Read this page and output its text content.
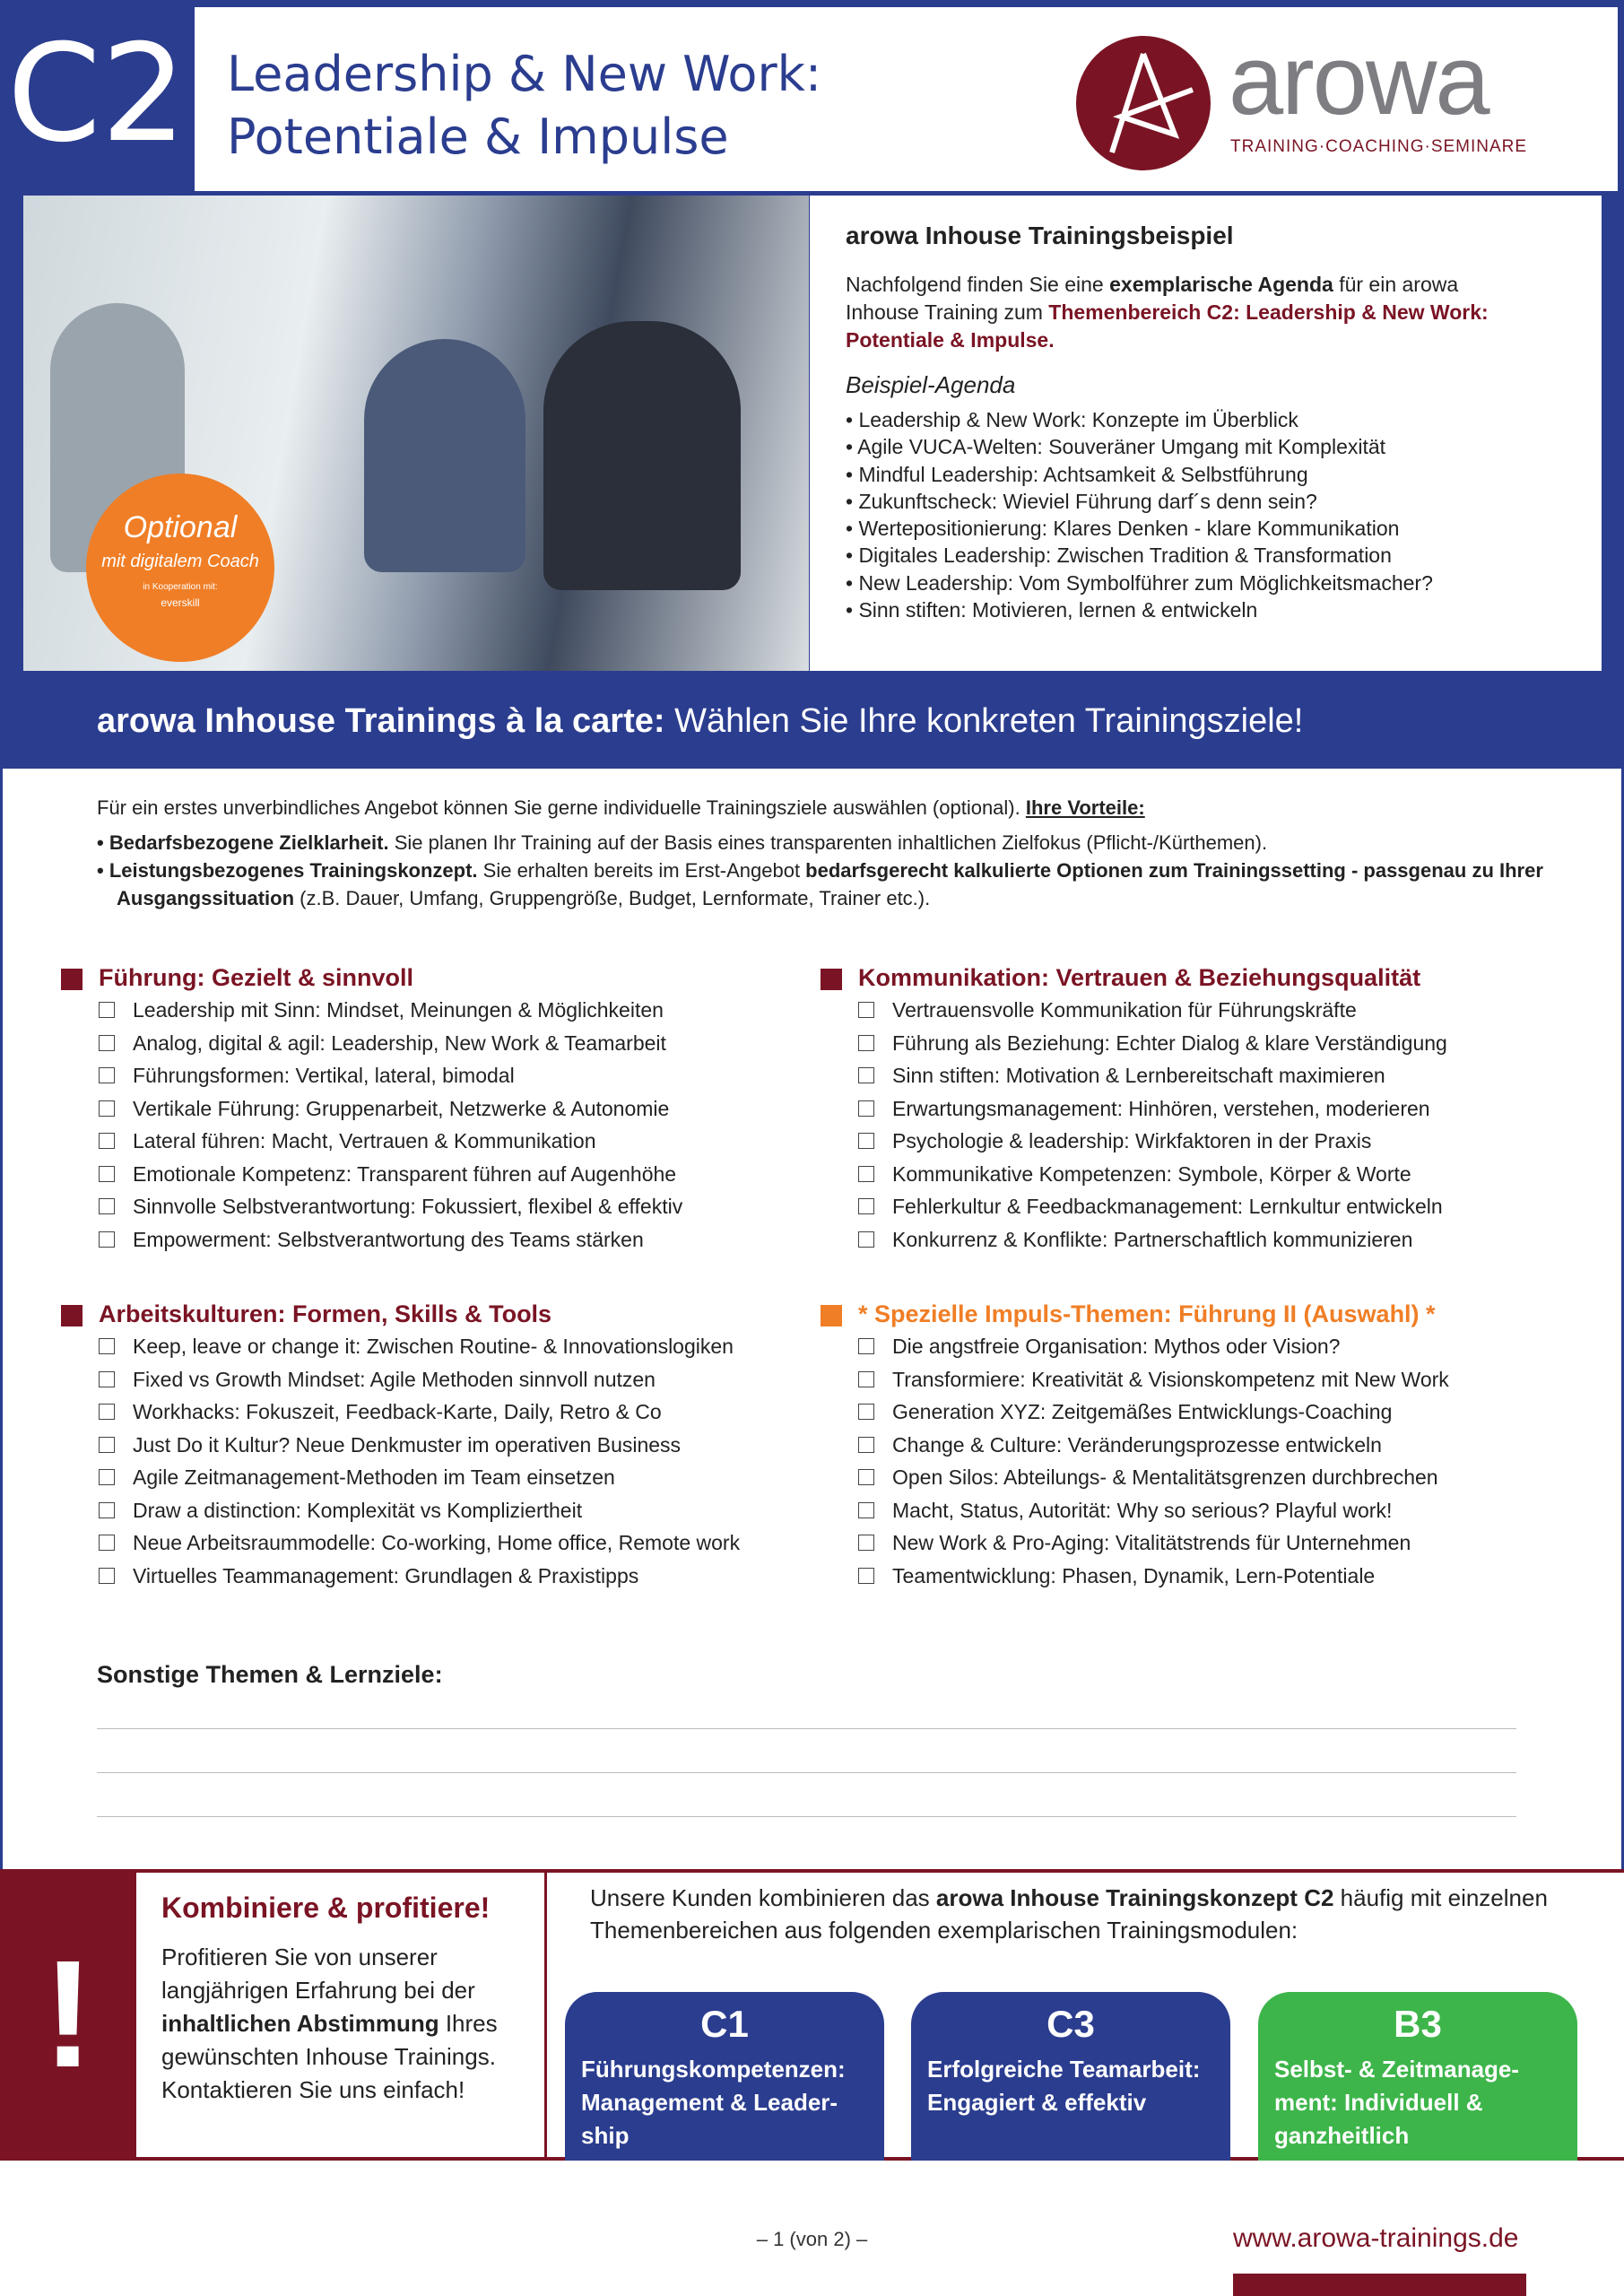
C2 Leadership & New Work:
Potentiale & Impulse
arowa
TRAINING·COACHING·SEMINARE
Optional
mit digitalem Coach
in Kooperation mit:
everskill
arowa Inhouse Trainingsbeispiel

Nachfolgend finden Sie eine exemplarische Agenda für ein arowa Inhouse Training zum Themenbereich C2: Leadership & New Work: Potentiale & Impulse.

Beispiel-Agenda
• Leadership & New Work: Konzepte im Überblick
• Agile VUCA-Welten: Souveräner Umgang mit Komplexität
• Mindful Leadership: Achtsamkeit & Selbstführung
• Zukunftscheck: Wieviel Führung darf´s denn sein?
• Wertepositionierung: Klares Denken - klare Kommunikation
• Digitales Leadership: Zwischen Tradition & Transformation
• New Leadership: Vom Symbolführer zum Möglichkeitsmacher?
• Sinn stiften: Motivieren, lernen & entwickeln
arowa Inhouse Trainings à la carte: Wählen Sie Ihre konkreten Trainingsziele!
Für ein erstes unverbindliches Angebot können Sie gerne individuelle Trainingsziele auswählen (optional). Ihre Vorteile:
• Bedarfsbezogene Zielklarheit. Sie planen Ihr Training auf der Basis eines transparenten inhaltlichen Zielfokus (Pflicht-/Kürthemen).
• Leistungsbezogenes Trainingskonzept. Sie erhalten bereits im Erst-Angebot bedarfsgerecht kalkulierte Optionen zum Trainingssetting - passgenau zu Ihrer Ausgangssituation (z.B. Dauer, Umfang, Gruppengröße, Budget, Lernformate, Trainer etc.).
Führung: Gezielt & sinnvoll
Leadership mit Sinn: Mindset, Meinungen & Möglichkeiten
Analog, digital & agil: Leadership, New Work & Teamarbeit
Führungsformen: Vertikal, lateral, bimodal
Vertikale Führung: Gruppenarbeit, Netzwerke & Autonomie
Lateral führen: Macht, Vertrauen & Kommunikation
Emotionale Kompetenz: Transparent führen auf Augenhöhe
Sinnvolle Selbstverantwortung: Fokussiert, flexibel & effektiv
Empowerment: Selbstverantwortung des Teams stärken
Kommunikation: Vertrauen & Beziehungsqualität
Vertrauensvolle Kommunikation für Führungskräfte
Führung als Beziehung: Echter Dialog & klare Verständigung
Sinn stiften: Motivation & Lernbereitschaft maximieren
Erwartungsmanagement: Hinhören, verstehen, moderieren
Psychologie & leadership: Wirkfaktoren in der Praxis
Kommunikative Kompetenzen: Symbole, Körper & Worte
Fehlerkultur & Feedbackmanagement: Lernkultur entwickeln
Konkurrenz & Konflikte: Partnerschaftlich kommunizieren
Arbeitskulturen: Formen, Skills & Tools
Keep, leave or change it: Zwischen Routine- & Innovationslogiken
Fixed vs Growth Mindset: Agile Methoden sinnvoll nutzen
Workhacks: Fokuszeit, Feedback-Karte, Daily, Retro & Co
Just Do it Kultur? Neue Denkmuster im operativen Business
Agile Zeitmanagement-Methoden im Team einsetzen
Draw a distinction: Komplexität vs Kompliziertheit
Neue Arbeitsraummodelle: Co-working, Home office, Remote work
Virtuelles Teammanagement: Grundlagen & Praxistipps
* Spezielle Impuls-Themen: Führung II (Auswahl) *
Die angstfreie Organisation: Mythos oder Vision?
Transformiere: Kreativität & Visionskompetenz mit New Work
Generation XYZ: Zeitgemäßes Entwicklungs-Coaching
Change & Culture: Veränderungsprozesse entwickeln
Open Silos: Abteilungs- & Mentalitätsgrenzen durchbrechen
Macht, Status, Autorität: Why so serious? Playful work!
New Work & Pro-Aging: Vitalitätstrends für Unternehmen
Teamentwicklung: Phasen, Dynamik, Lern-Potentiale
Sonstige Themen & Lernziele:
!
Kombiniere & profitiere!

Profitieren Sie von unserer langjährigen Erfahrung bei der inhaltlichen Abstimmung Ihres gewünschten Inhouse Trainings. Kontaktieren Sie uns einfach!

Unsere Kunden kombinieren das arowa Inhouse Trainingskonzept C2 häufig mit einzelnen Themenbereichen aus folgenden exemplarischen Trainingsmodulen:
C1
Führungskompetenzen: Management & Leader-ship
C3
Erfolgreiche Teamarbeit: Engagiert & effektiv
B3
Selbst- & Zeitmanage-ment: Individuell & ganzheitlich
– 1 (von 2) –	www.arowa-trainings.de
